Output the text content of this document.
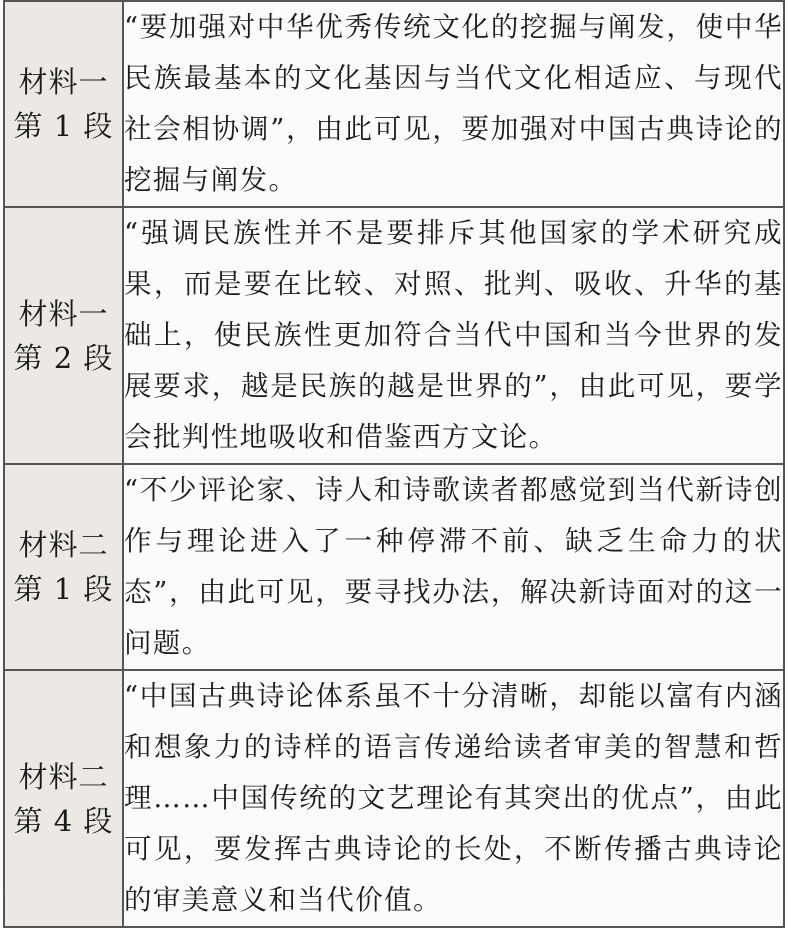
材料一
第 1 段	“要加强对中华优秀传统文化的挖掘与阐发，使中华民族最基本的文化基因与当代文化相适应、与现代社会相协调”，由此可见，要加强对中国古典诗论的挖掘与阐发。

材料一
第 2 段	“强调民族性并不是要排斥其他国家的学术研究成果，而是要在比较、对照、批判、吸收、升华的基础上，使民族性更加符合当代中国和当今世界的发展要求，越是民族的越是世界的”，由此可见，要学会批判性地吸收和借鉴西方文论。

材料二
第 1 段	“不少评论家、诗人和诗歌读者都感觉到当代新诗创作与理论进入了一种停滞不前、缺乏生命力的状态”，由此可见，要寻找办法，解决新诗面对的这一问题。

材料二
第 4 段	“中国古典诗论体系虽不十分清晰，却能以富有内涵和想象力的诗样的语言传递给读者审美的智慧和哲理……中国传统的文艺理论有其突出的优点”，由此可见，要发挥古典诗论的长处，不断传播古典诗论的审美意义和当代价值。
